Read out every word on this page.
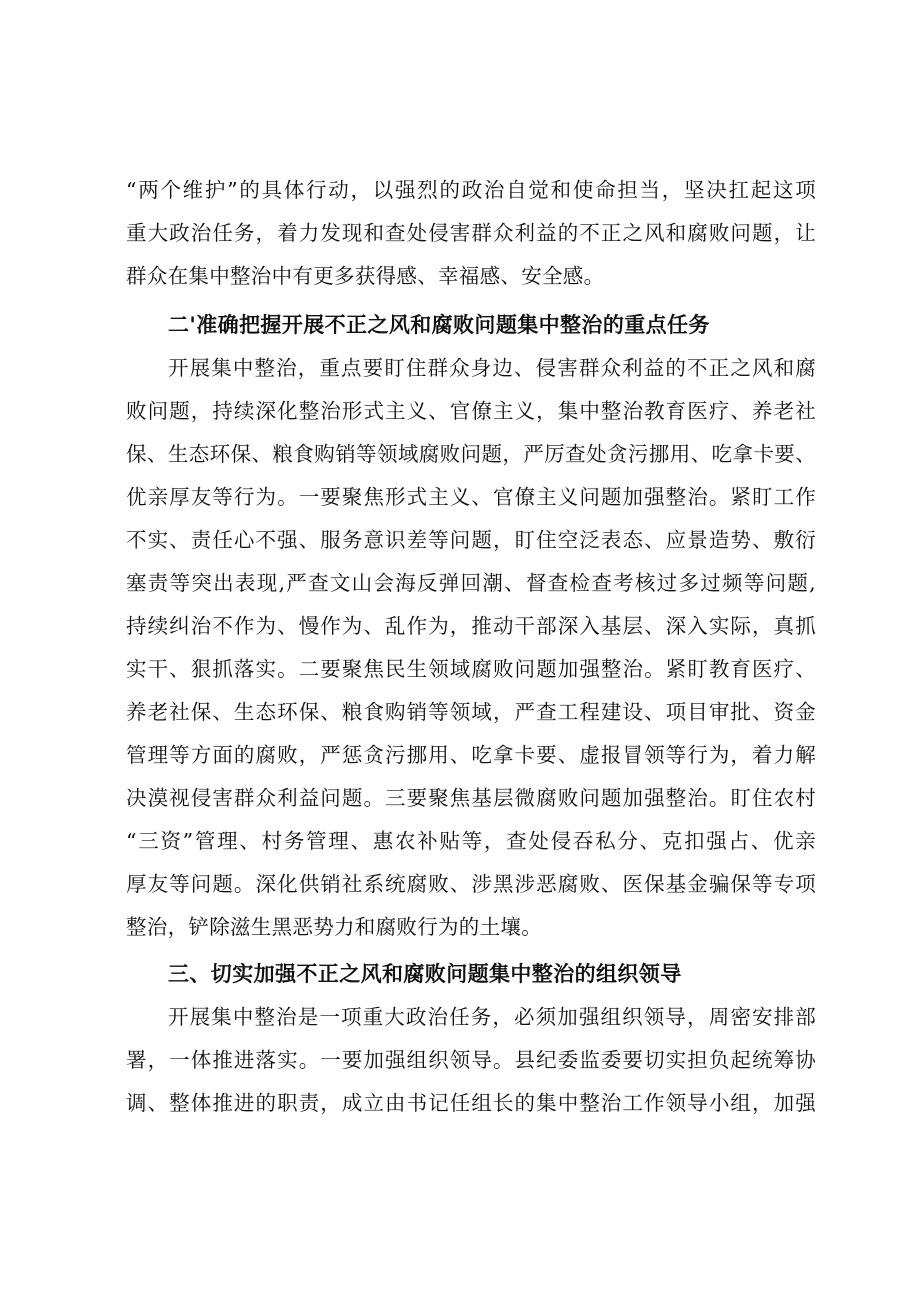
“两个维护”的具体行动，以强烈的政治自觉和使命担当，坚决扛起这项
重大政治任务，着力发现和查处侵害群众利益的不正之风和腐败问题，让
群众在集中整治中有更多获得感、幸福感、安全感。
二'准确把握开展不正之风和腐败问题集中整治的重点任务
开展集中整治，重点要盯住群众身边、侵害群众利益的不正之风和腐
败问题，持续深化整治形式主义、官僚主义，集中整治教育医疗、养老社
保、生态环保、粮食购销等领域腐败问题，严厉查处贪污挪用、吃拿卡要、
优亲厚友等行为。一要聚焦形式主义、官僚主义问题加强整治。紧盯工作
不实、责任心不强、服务意识差等问题，盯住空泛表态、应景造势、敷衍
塞责等突出表现,严查文山会海反弹回潮、督查检查考核过多过频等问题,
持续纠治不作为、慢作为、乱作为，推动干部深入基层、深入实际，真抓
实干、狠抓落实。二要聚焦民生领域腐败问题加强整治。紧盯教育医疗、
养老社保、生态环保、粮食购销等领域，严查工程建设、项目审批、资金
管理等方面的腐败，严惩贪污挪用、吃拿卡要、虚报冒领等行为，着力解
决漠视侵害群众利益问题。三要聚焦基层微腐败问题加强整治。盯住农村
“三资”管理、村务管理、惠农补贴等，查处侵吞私分、克扣强占、优亲
厚友等问题。深化供销社系统腐败、涉黑涉恶腐败、医保基金骗保等专项
整治，铲除滋生黑恶势力和腐败行为的土壤。
三、切实加强不正之风和腐败问题集中整治的组织领导
开展集中整治是一项重大政治任务，必须加强组织领导，周密安排部
署，一体推进落实。一要加强组织领导。县纪委监委要切实担负起统筹协
调、整体推进的职责，成立由书记任组长的集中整治工作领导小组，加强
